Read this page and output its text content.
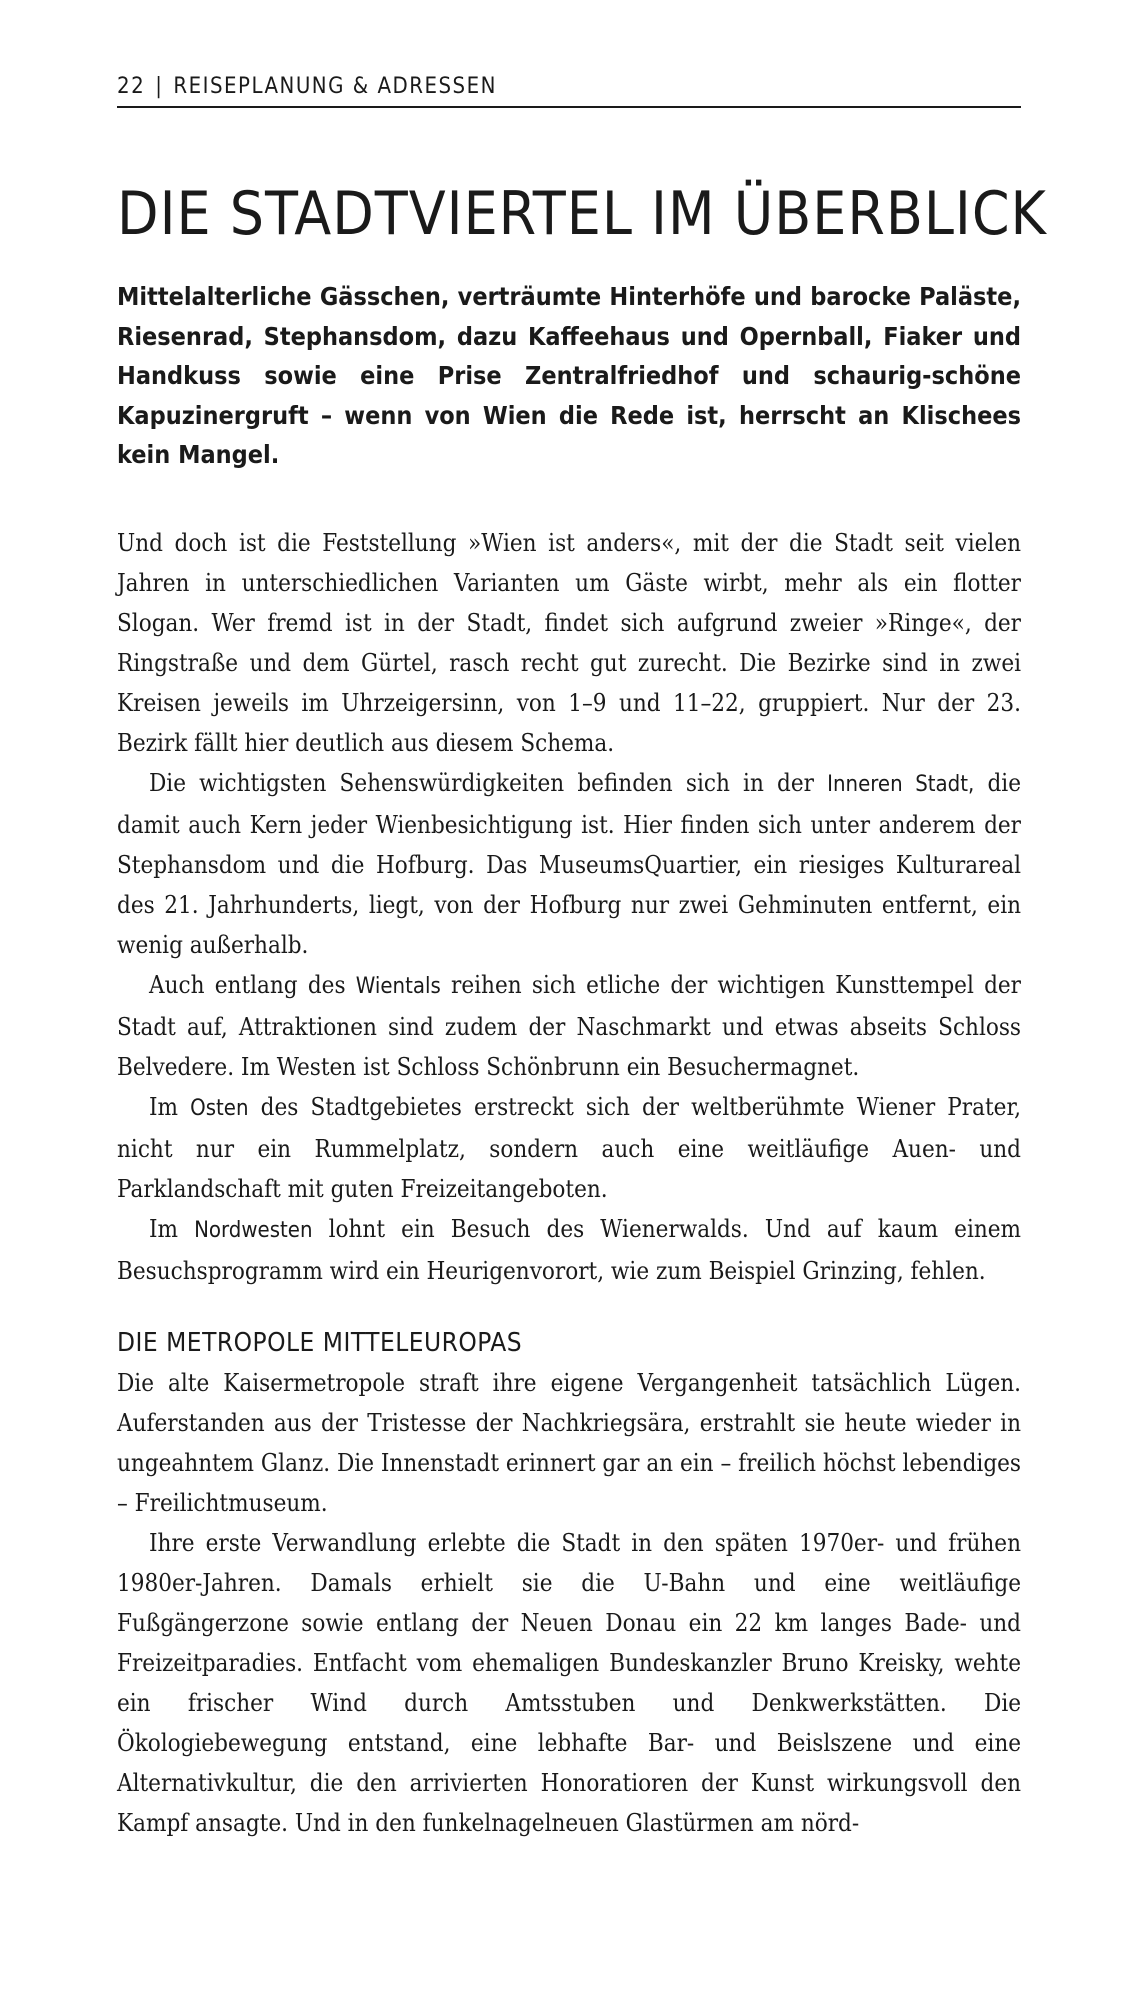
22 | REISEPLANUNG & ADRESSEN
DIE STADTVIERTEL IM ÜBERBLICK

Mittelalterliche Gässchen, verträumte Hinterhöfe und barocke Paläste, Riesenrad, Stephansdom, dazu Kaffeehaus und Opernball, Fiaker und Handkuss sowie eine Prise Zentralfriedhof und schaurig-schöne Kapuzinergruft – wenn von Wien die Rede ist, herrscht an Klischees kein Mangel.

Und doch ist die Feststellung »Wien ist anders«, mit der die Stadt seit vielen Jahren in unterschiedlichen Varianten um Gäste wirbt, mehr als ein flotter Slogan. Wer fremd ist in der Stadt, findet sich aufgrund zweier »Ringe«, der Ringstraße und dem Gürtel, rasch recht gut zurecht. Die Bezirke sind in zwei Kreisen jeweils im Uhrzeigersinn, von 1–9 und 11–22, gruppiert. Nur der 23. Bezirk fällt hier deutlich aus diesem Schema.

Die wichtigsten Sehenswürdigkeiten befinden sich in der Inneren Stadt, die damit auch Kern jeder Wienbesichtigung ist. Hier finden sich unter anderem der Stephansdom und die Hofburg. Das MuseumsQuartier, ein riesiges Kulturareal des 21. Jahrhunderts, liegt, von der Hofburg nur zwei Gehminuten entfernt, ein wenig außerhalb.

Auch entlang des Wientals reihen sich etliche der wichtigen Kunsttempel der Stadt auf, Attraktionen sind zudem der Naschmarkt und etwas abseits Schloss Belvedere. Im Westen ist Schloss Schönbrunn ein Besuchermagnet.

Im Osten des Stadtgebietes erstreckt sich der weltberühmte Wiener Prater, nicht nur ein Rummelplatz, sondern auch eine weitläufige Auen- und Parklandschaft mit guten Freizeitangeboten.

Im Nordwesten lohnt ein Besuch des Wienerwalds. Und auf kaum einem Besuchsprogramm wird ein Heurigenvorort, wie zum Beispiel Grinzing, fehlen.

DIE METROPOLE MITTELEUROPAS

Die alte Kaisermetropole straft ihre eigene Vergangenheit tatsächlich Lügen. Auferstanden aus der Tristesse der Nachkriegsära, erstrahlt sie heute wieder in ungeahntem Glanz. Die Innenstadt erinnert gar an ein – freilich höchst lebendiges – Freilichtmuseum.

Ihre erste Verwandlung erlebte die Stadt in den späten 1970er- und frühen 1980er-Jahren. Damals erhielt sie die U-Bahn und eine weitläufige Fußgängerzone sowie entlang der Neuen Donau ein 22 km langes Bade- und Freizeitparadies. Entfacht vom ehemaligen Bundeskanzler Bruno Kreisky, wehte ein frischer Wind durch Amtsstuben und Denkwerkstätten. Die Ökologiebewegung entstand, eine lebhafte Bar- und Beislszene und eine Alternativkultur, die den arrivierten Honoratioren der Kunst wirkungsvoll den Kampf ansagte. Und in den funkelnagelneuen Glastürmen am nörd-
